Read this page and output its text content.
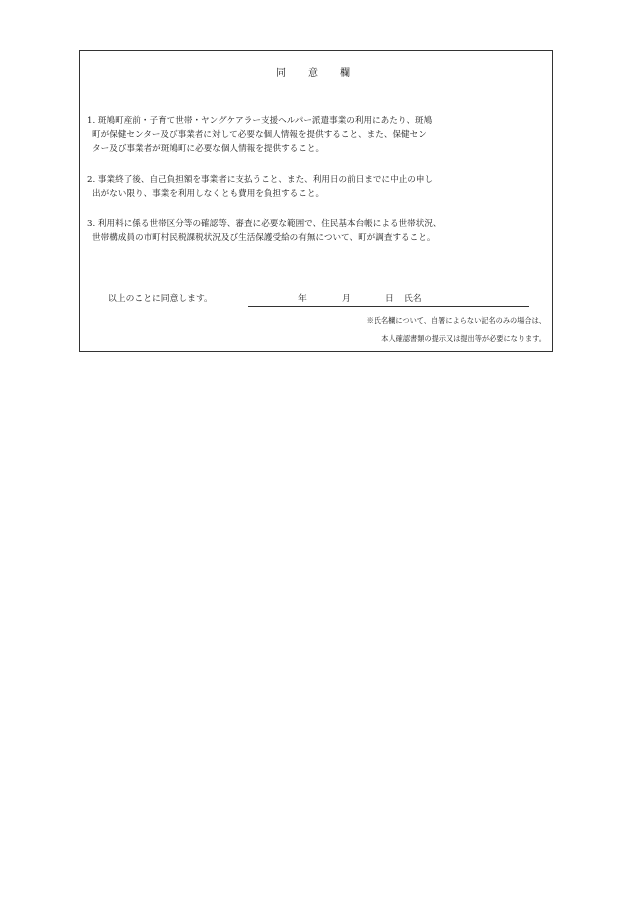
同　意　欄
1. 斑鳩町産前・子育て世帯・ヤングケアラー支援ヘルパー派遣事業の利用にあたり、斑鳩
町が保健センター及び事業者に対して必要な個人情報を提供すること、また、保健セン
ター及び事業者が斑鳩町に必要な個人情報を提供すること。
2. 事業終了後、自己負担額を事業者に支払うこと、また、利用日の前日までに中止の申し
出がない限り、事業を利用しなくとも費用を負担すること。
3. 利用料に係る世帯区分等の確認等、審査に必要な範囲で、住民基本台帳による世帯状況、
世帯構成員の市町村民税課税状況及び生活保護受給の有無について、町が調査すること。
以上のことに同意します。	年	月	日 氏名
※氏名欄について、自署によらない記名のみの場合は、
本人確認書類の提示又は提出等が必要になります。
